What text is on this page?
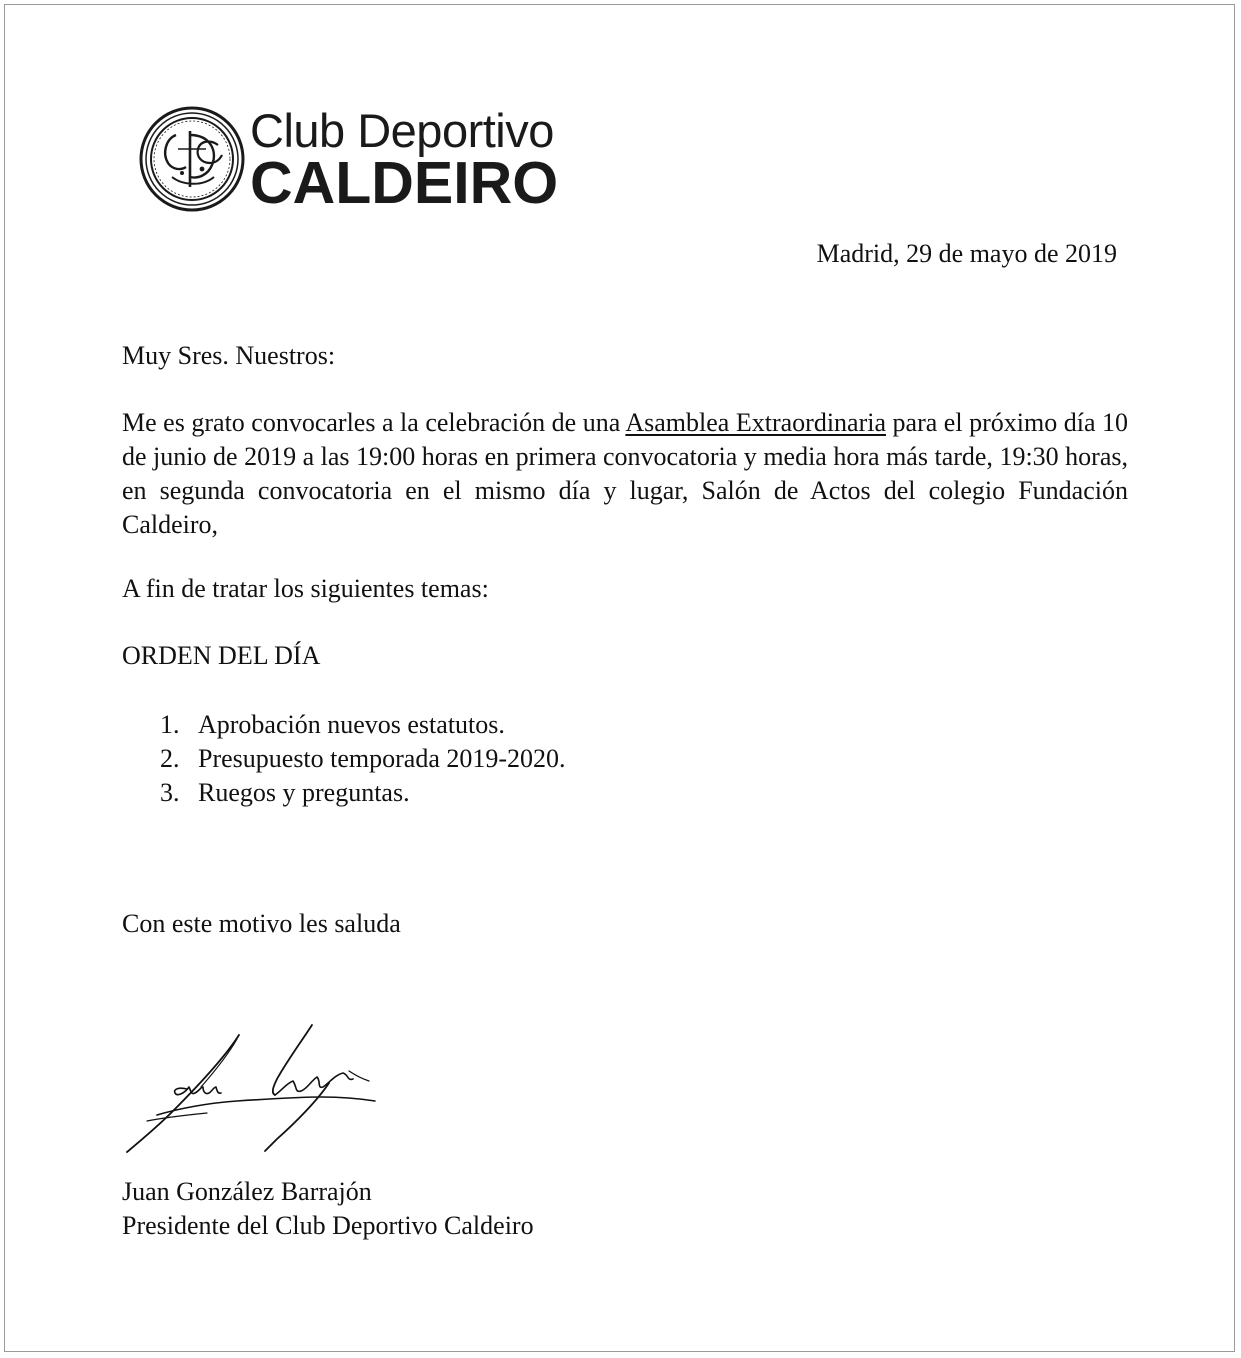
Club Deportivo
CALDEIRO
Madrid, 29 de mayo de 2019
Muy Sres. Nuestros:
Me es grato convocarles a la celebración de una Asamblea Extraordinaria para el próximo día 10 de junio de 2019 a las 19:00 horas en primera convocatoria y media hora más tarde, 19:30 horas, en segunda convocatoria en el mismo día y lugar, Salón de Actos del colegio Fundación Caldeiro,
A fin de tratar los siguientes temas:
ORDEN DEL DÍA
1. Aprobación nuevos estatutos.
2. Presupuesto temporada 2019-2020.
3. Ruegos y preguntas.
Con este motivo les saluda
Juan González Barrajón
Presidente del Club Deportivo Caldeiro
